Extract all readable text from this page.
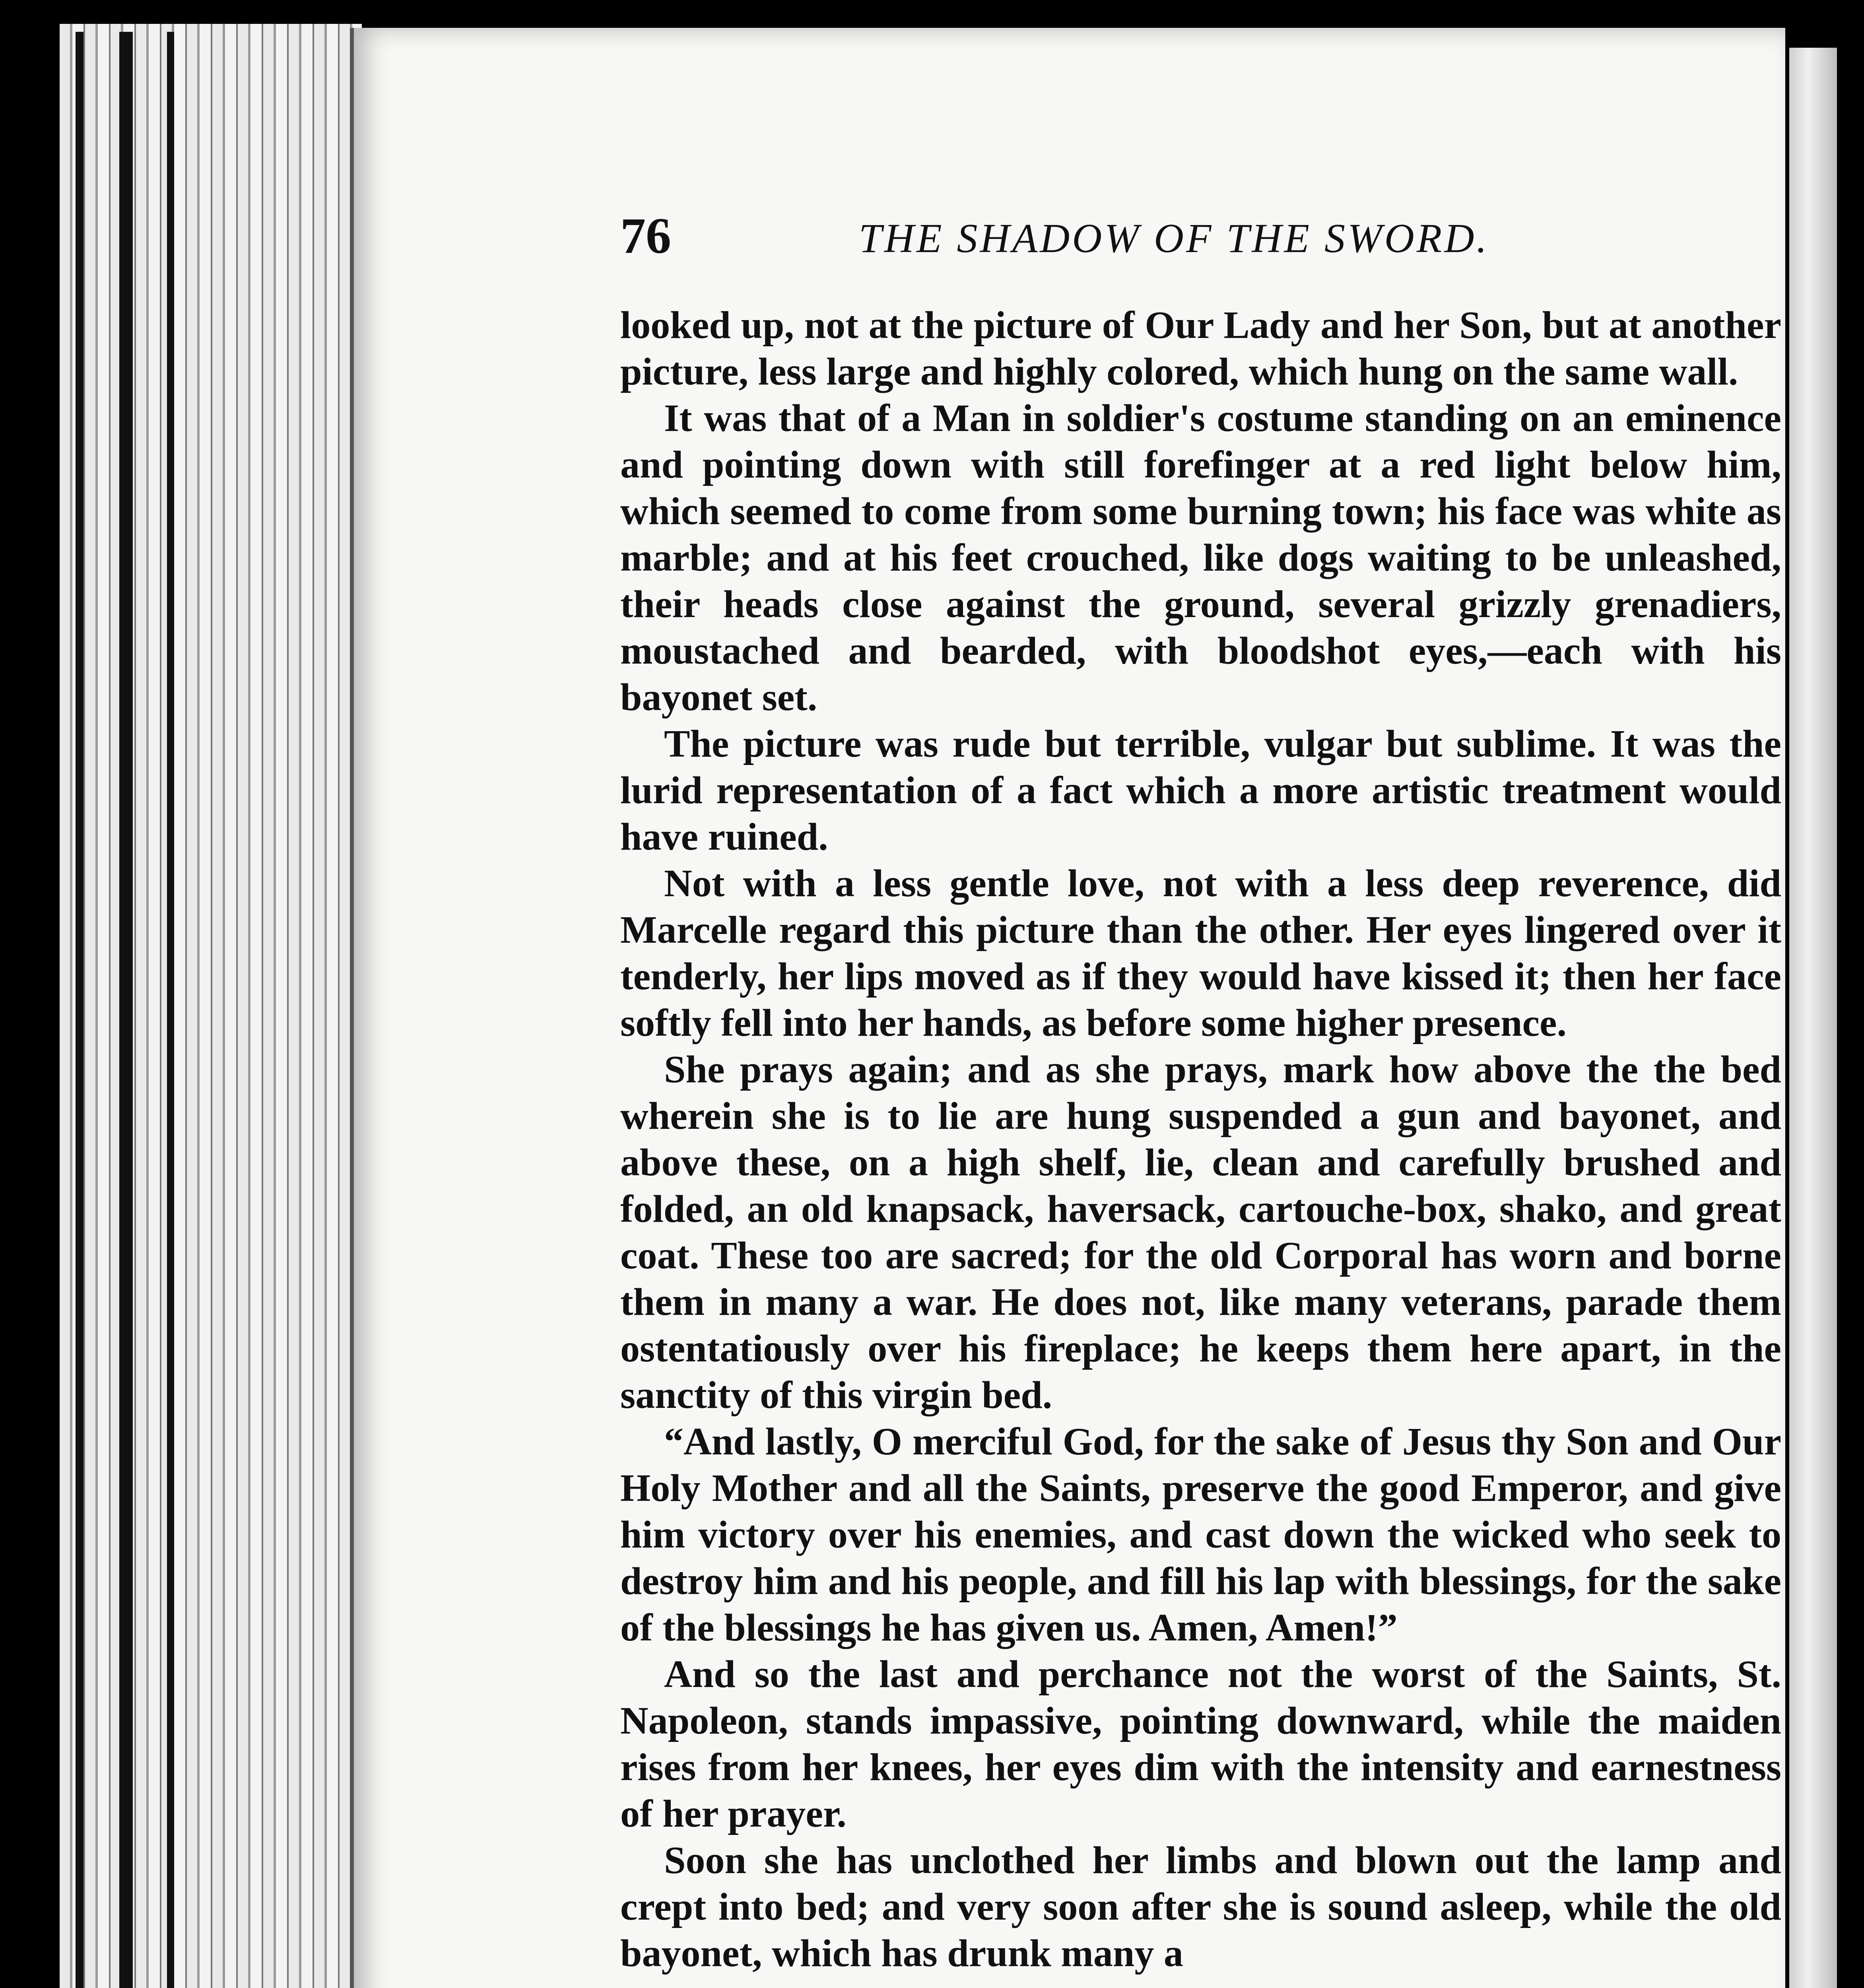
76	THE SHADOW OF THE SWORD.

looked up, not at the picture of Our Lady and her Son, but at another picture, less large and highly colored, which hung on the same wall.

It was that of a Man in soldier's costume standing on an eminence and pointing down with still forefinger at a red light below him, which seemed to come from some burning town; his face was white as marble; and at his feet crouched, like dogs waiting to be unleashed, their heads close against the ground, several grizzly grenadiers, moustached and bearded, with bloodshot eyes,—each with his bayonet set.

The picture was rude but terrible, vulgar but sublime. It was the lurid representation of a fact which a more artistic treatment would have ruined.

Not with a less gentle love, not with a less deep reverence, did Marcelle regard this picture than the other. Her eyes lingered over it tenderly, her lips moved as if they would have kissed it; then her face softly fell into her hands, as before some higher presence.

She prays again; and as she prays, mark how above the the bed wherein she is to lie are hung suspended a gun and bayonet, and above these, on a high shelf, lie, clean and carefully brushed and folded, an old knapsack, haversack, cartouche-box, shako, and great coat. These too are sacred; for the old Corporal has worn and borne them in many a war. He does not, like many veterans, parade them ostentatiously over his fireplace; he keeps them here apart, in the sanctity of this virgin bed.

“And lastly, O merciful God, for the sake of Jesus thy Son and Our Holy Mother and all the Saints, preserve the good Emperor, and give him victory over his enemies, and cast down the wicked who seek to destroy him and his people, and fill his lap with blessings, for the sake of the blessings he has given us. Amen, Amen!”

And so the last and perchance not the worst of the Saints, St. Napoleon, stands impassive, pointing downward, while the maiden rises from her knees, her eyes dim with the intensity and earnestness of her prayer.

Soon she has unclothed her limbs and blown out the lamp and crept into bed; and very soon after she is sound asleep, while the old bayonet, which has drunk many a
